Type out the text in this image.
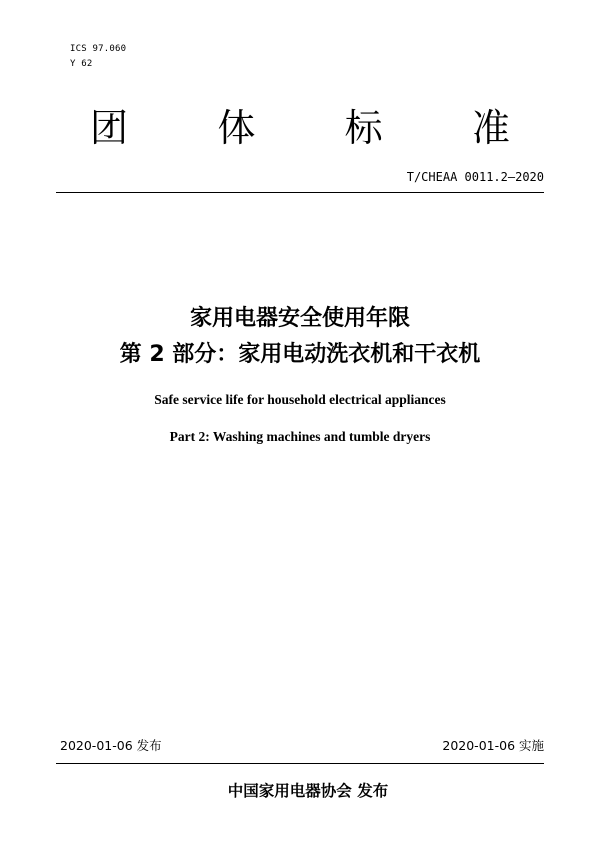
ICS 97.060
Y 62
团	体	标	准
T/CHEAA 0011.2—2020
家用电器安全使用年限
第 2 部分：家用电动洗衣机和干衣机
Safe service life for household electrical appliances
Part 2: Washing machines and tumble dryers
2020-01-06 发布	2020-01-06 实施
中国家用电器协会 发布
